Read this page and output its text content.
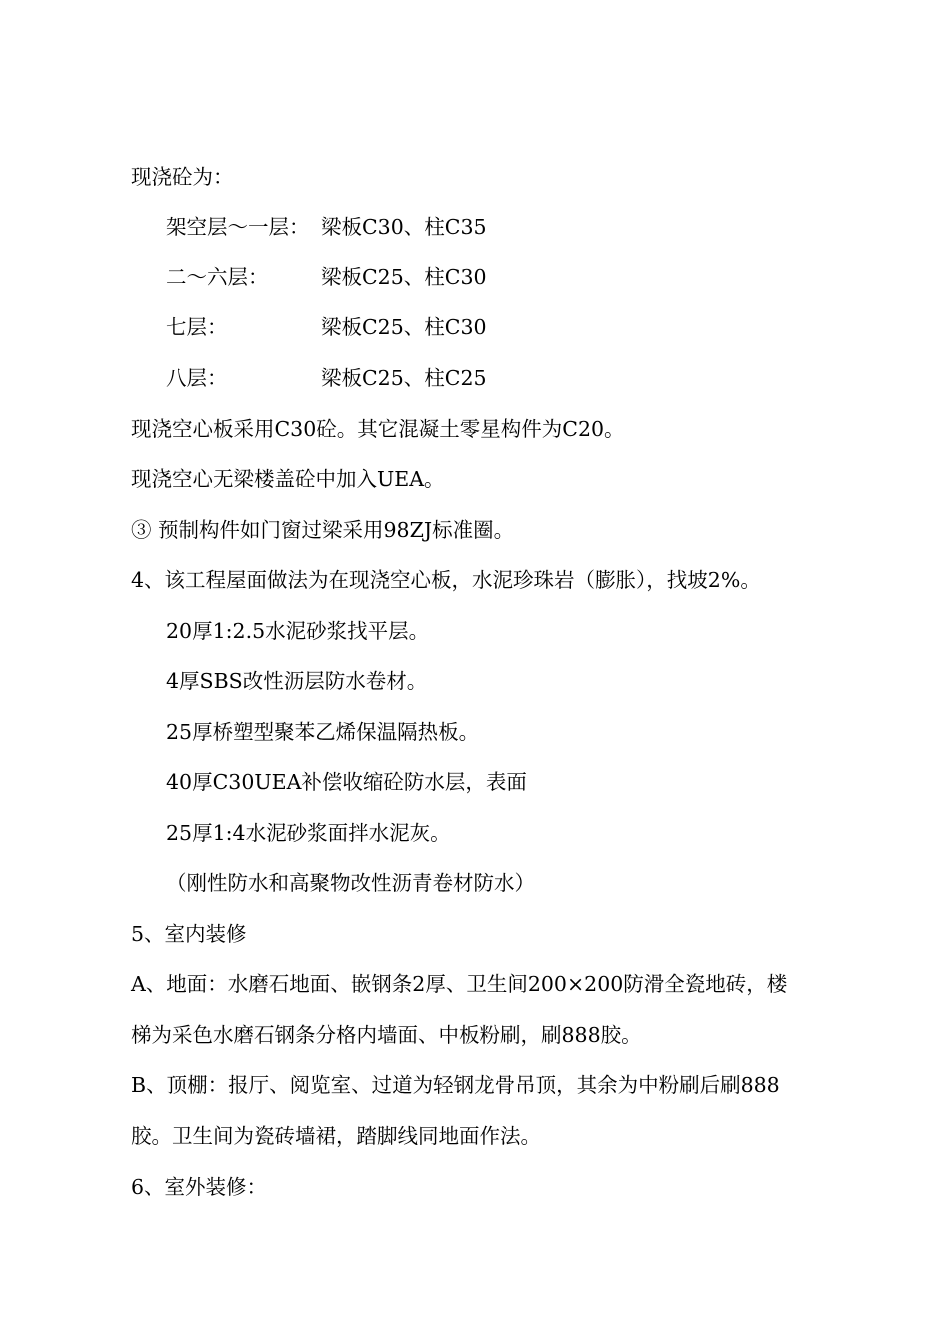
现浇砼为：
架空层～一层： 梁板C30、柱C35
二～六层：	梁板C25、柱C30
七层：	梁板C25、柱C30
八层：	梁板C25、柱C25
现浇空心板采用C30砼。其它混凝土零星构件为C20。
现浇空心无梁楼盖砼中加入UEA。
③ 预制构件如门窗过梁采用98ZJ标准圈。
4、该工程屋面做法为在现浇空心板，水泥珍珠岩（膨胀），找坡2%。
20厚1:2.5水泥砂浆找平层。
4厚SBS改性沥层防水卷材。
25厚桥塑型聚苯乙烯保温隔热板。
40厚C30UEA补偿收缩砼防水层，表面
25厚1:4水泥砂浆面拌水泥灰。
（刚性防水和高聚物改性沥青卷材防水）
5、室内装修
A、地面：水磨石地面、嵌钢条2厚、卫生间200×200防滑全瓷地砖，楼
梯为采色水磨石钢条分格内墙面、中板粉刷，刷888胶。
B、顶棚：报厅、阅览室、过道为轻钢龙骨吊顶，其余为中粉刷后刷888
胶。卫生间为瓷砖墙裙，踏脚线同地面作法。
6、室外装修：
